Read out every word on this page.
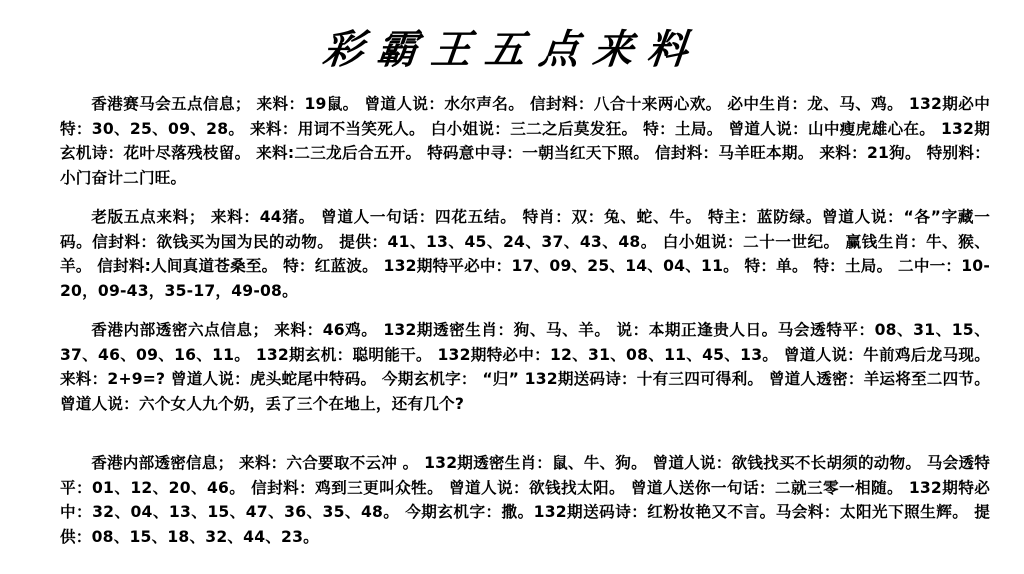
彩霸王五点来料
香港赛马会五点信息； 来料：19鼠。 曾道人说：水尔声名。 信封料：八合十来两心欢。 必中生肖：龙、马、鸡。 132期必中特：30、25、09、28。 来料：用词不当笑死人。 白小姐说：三二之后莫发狂。 特：土局。 曾道人说：山中瘦虎雄心在。 132期玄机诗：花叶尽落残枝留。 来料:二三龙后合五开。 特码意中寻：一朝当红天下照。 信封料：马羊旺本期。 来料：21狗。 特别料：小门奋计二门旺。
老版五点来料； 来料：44猪。 曾道人一句话：四花五结。 特肖：双：兔、蛇、牛。 特主：蓝防绿。曾道人说：“各”字藏一码。信封料：欲钱买为国为民的动物。 提供：41、13、45、24、37、43、48。 白小姐说：二十一世纪。 赢钱生肖：牛、猴、羊。 信封料:人间真道苍桑至。 特：红蓝波。 132期特平必中：17、09、25、14、04、11。 特：单。 特：土局。 二中一：10-20，09-43，35-17，49-08。
香港内部透密六点信息； 来料：46鸡。 132期透密生肖：狗、马、羊。 说：本期正逢贵人日。马会透特平：08、31、15、37、46、09、16、11。 132期玄机：聪明能干。 132期特必中：12、31、08、11、45、13。 曾道人说：牛前鸡后龙马现。 来料：2+9=? 曾道人说：虎头蛇尾中特码。 今期玄机字： “归” 132期送码诗：十有三四可得利。 曾道人透密：羊运将至二四节。 曾道人说：六个女人九个奶，丢了三个在地上，还有几个?
香港内部透密信息； 来料：六合要取不云冲 。 132期透密生肖：鼠、牛、狗。 曾道人说：欲钱找买不长胡须的动物。 马会透特平：01、12、20、46。 信封料：鸡到三更叫众牲。 曾道人说：欲钱找太阳。 曾道人送你一句话：二就三零一相随。 132期特必中：32、04、13、15、47、36、35、48。 今期玄机字：撒。132期送码诗：红粉妆艳又不言。马会料：太阳光下照生辉。 提供：08、15、18、32、44、23。
